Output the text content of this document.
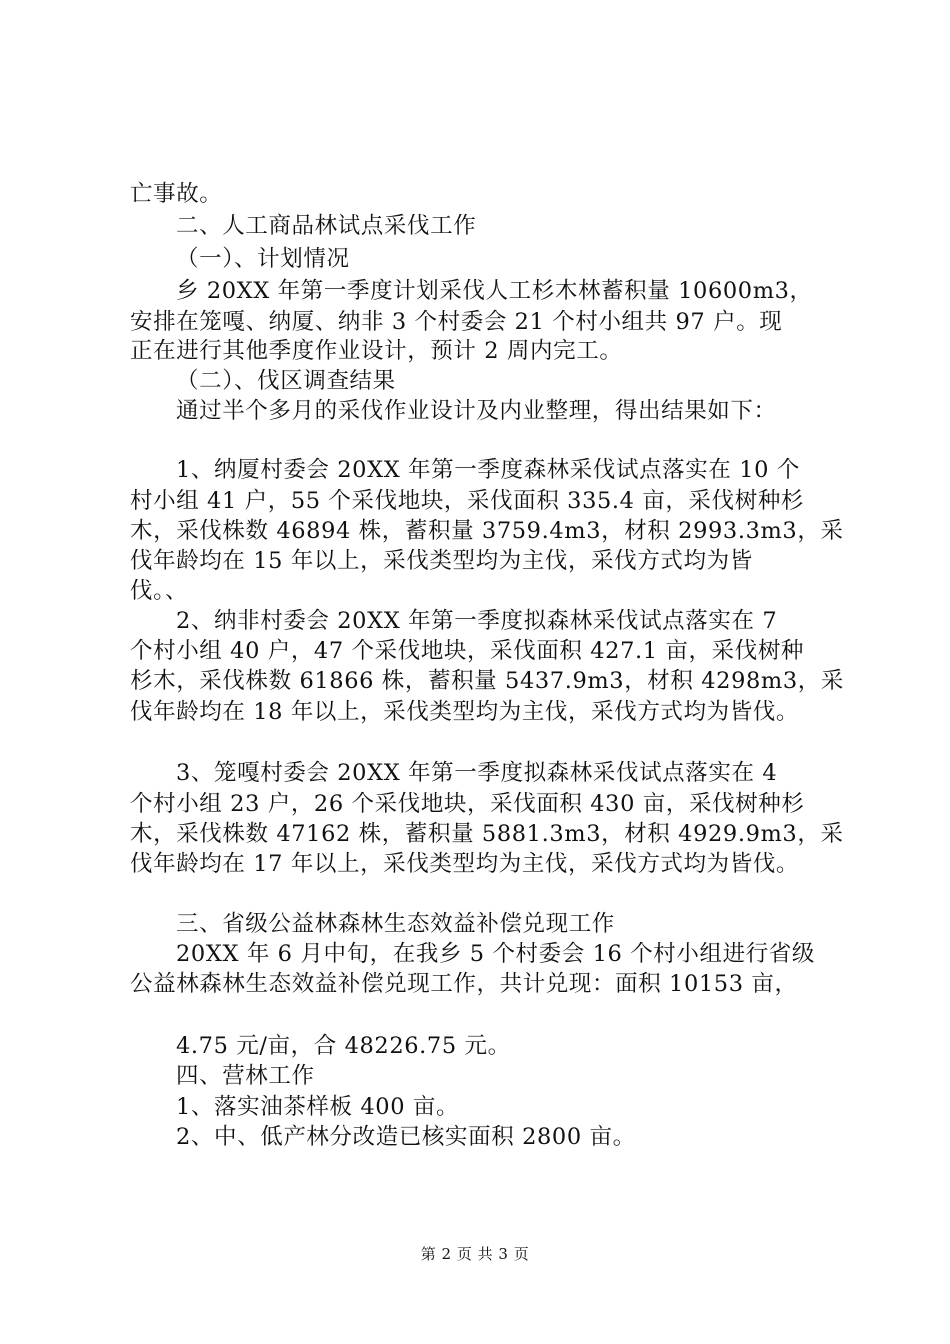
亡事故。
二、人工商品林试点采伐工作
（一）、计划情况
乡 20XX 年第一季度计划采伐人工杉木林蓄积量 10600m3，
安排在笼嘎、纳厦、纳非 3 个村委会 21 个村小组共 97 户。现
正在进行其他季度作业设计，预计 2 周内完工。
（二）、伐区调查结果
通过半个多月的采伐作业设计及内业整理，得出结果如下：
1、纳厦村委会 20XX 年第一季度森林采伐试点落实在 10 个
村小组 41 户，55 个采伐地块，采伐面积 335.4 亩，采伐树种杉
木，采伐株数 46894 株，蓄积量 3759.4m3，材积 2993.3m3，采
伐年龄均在 15 年以上，采伐类型均为主伐，采伐方式均为皆
伐。、
2、纳非村委会 20XX 年第一季度拟森林采伐试点落实在 7
个村小组 40 户，47 个采伐地块，采伐面积 427.1 亩，采伐树种
杉木，采伐株数 61866 株，蓄积量 5437.9m3，材积 4298m3，采
伐年龄均在 18 年以上，采伐类型均为主伐，采伐方式均为皆伐。
3、笼嘎村委会 20XX 年第一季度拟森林采伐试点落实在 4
个村小组 23 户，26 个采伐地块，采伐面积 430 亩，采伐树种杉
木，采伐株数 47162 株，蓄积量 5881.3m3，材积 4929.9m3，采
伐年龄均在 17 年以上，采伐类型均为主伐，采伐方式均为皆伐。
三、省级公益林森林生态效益补偿兑现工作
20XX 年 6 月中旬，在我乡 5 个村委会 16 个村小组进行省级
公益林森林生态效益补偿兑现工作，共计兑现：面积 10153 亩，
4.75 元/亩，合 48226.75 元。
四、营林工作
1、落实油茶样板 400 亩。
2、中、低产林分改造已核实面积 2800 亩。
第 2 页 共 3 页
